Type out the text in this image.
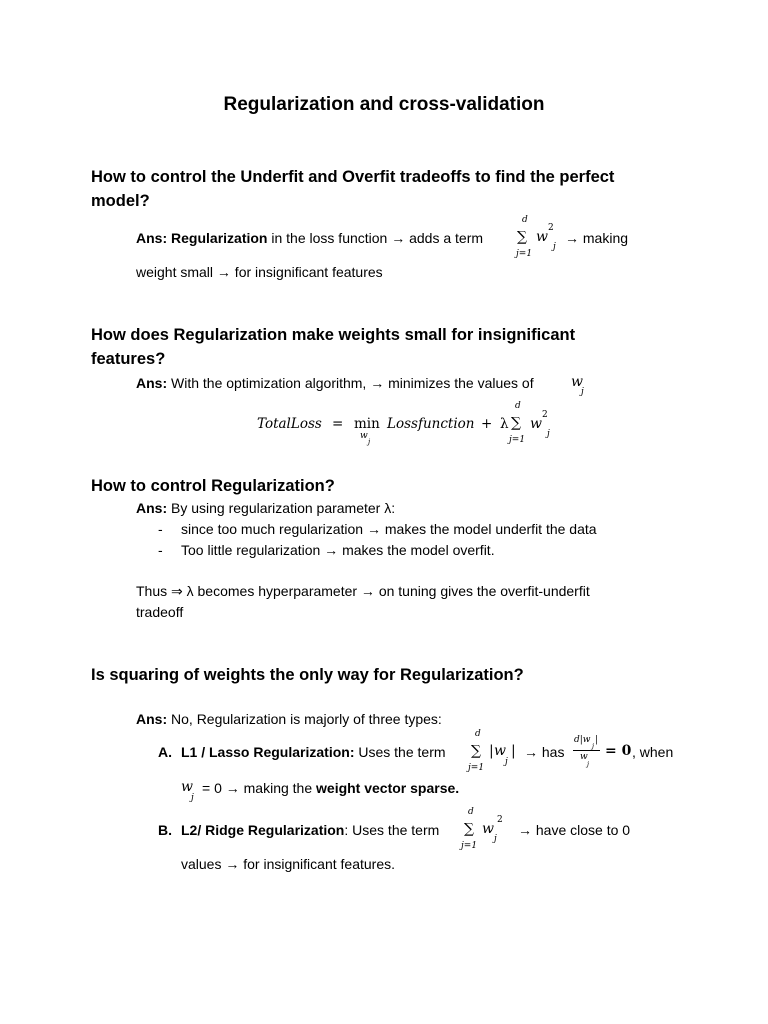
Regularization and cross-validation
How to control the Underfit and Overfit tradeoffs to find the perfect
model?
Ans: Regularization in the loss function → adds a term
d
∑
j=1
w
2
j
→ making
weight small → for insignificant features
How does Regularization make weights small for insignificant
features?
Ans: With the optimization algorithm, → minimizes the values of	w
j
TotalLoss = min
w
j
Lossfunction + λ
d
∑
j=1
w
2
j
How to control Regularization?
Ans: By using regularization parameter λ:
- since too much regularization → makes the model underfit the data
- Too little regularization → makes the model overfit.
Thus ⇒ λ becomes hyperparameter → on tuning gives the overfit-underfit
tradeoff
Is squaring of weights the only way for Regularization?
Ans: No, Regularization is majorly of three types:
A. L1 / Lasso Regularization: Uses the term
d
∑
j=1
| w
j
| → has
d|w
j
|
w
j
= 0 , when
w
j
= 0 → making the weight vector sparse.
B. L2/ Ridge Regularization: Uses the term
d
∑
j=1
w
2
j
→ have close to 0
values → for insignificant features.
